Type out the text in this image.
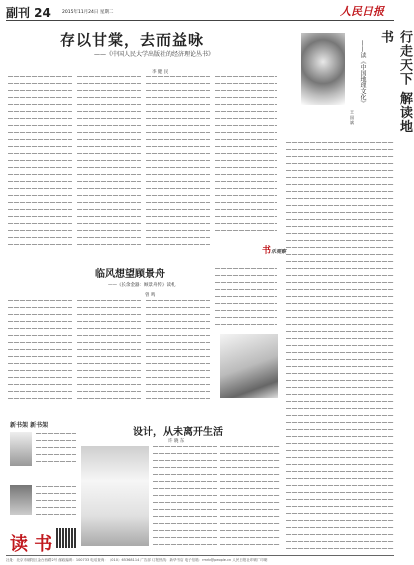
副刊 24 2015年11月24日 星期二	人民日报
存以甘棠，去而益咏
——《中国人民大学出版社的经济理论丛书》
李 健 民	行走天下 解读地书
——读《中国地理文化》
王 国 斌
书乐观察
临风想望顾景舟
——《长余金器：顾景舟传》读札
曾 鸣
设计，从未离开生活
许 晓 东
新书架 新书架
读 书
社址：北京市朝阳区金台西路2号 邮政编码：100733 电话查询：（010）65368114 广告部 订报热线：新华书店 电子信箱：rmrb@people.cn 人民日报社印刷厂印刷
